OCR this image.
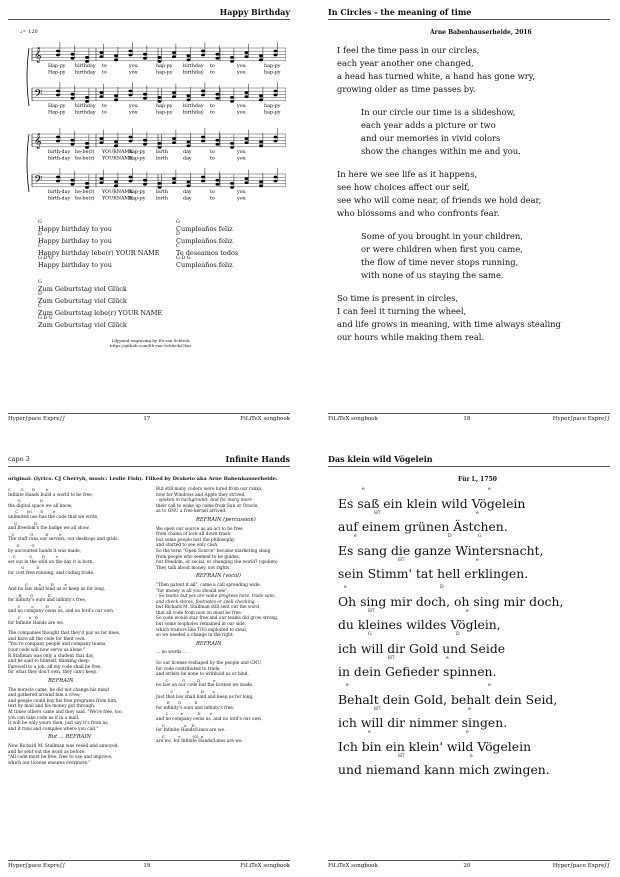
Happy Birthday
♩= 120
𝄞
Hap-py birthday to	you	hap-py birthday to	you	hap-py
Hap-py birthday to	you	hap-py birthday to	you	hap-py
𝄢
Hap-py birthday to	you	hap-py birthday to	you	hap-py
Hap-py birthday to	you	hap-py birthday to	you	hap-py
𝄞
birth-day he-be(r) YOURNAME
hap-py birth	day	to	you
birth-day he-be(r) YOURNAME
hap-py birth	day	to	you
𝄢
birth-day he-be(r) YOURNAME
hap-py birth	day	to	you
birth-day he-be(r) YOURNAME
hap-py birth	day	to	you
G
Happy birthday to you
D
Happy birthday to you
C
Happy birthday lebe(r) YOUR NAME
G D G
Happy birthday to you
G
Cumpleaños feliz
D
Cumpleaños feliz
C
Te deseamos todos
G D G
Cumpleaños feliz
G
Zum Geburtstag viel Glück
D
Zum Geburtstag viel Glück
C
Zum Geburtstag lebe(r) YOUR NAME
G D G
Zum Geburtstag viel Glück
Lilypond engraving by Eli van Schleck
https://github.com/Eli-van-Schleck/Chor
Hyper∫pace Expre∫∫	17	FiLiTeX songbook
In Circles - the meaning of time
Arne Babenhauserheide, 2016
I feel the time pass in our circles,
each year another one changed,
a head has turned white, a hand has gone wry,
growing older as time passes by.
In our circle our time is a slideshow,
each year adds a picture or two
and our memories in vivid colors
show the changes within me and you.
In here we see life as it happens,
see how choices affect our self,
see who will come near, of friends we hold dear,
who blossoms and who confronts fear.
Some of you brought in your children,
or were children when first you came,
the flow of time never stops running,
with none of us staying the same.
So time is present in circles,
I can feel it turning the wheel,
and life grows in meaning, with time always stealing
our hours while making them real.
FiLiTeX songbook	18	Hyper∫pace Expre∫∫
capo 3	Infinite Hands
original: (lyrics: CJ Cherryh, music: Leslie Fish). Filked by Draketo aka Arne Babenhauserheide.
C        G       D         e
Infinite Hands build a world to be free,
G                D
the digital space we all know,
C       (e)       D        e
unlimited use has the code that we write,
G              D
and freedom's the badge we all show.
C             G          D         e
The stuff runs our servers, our desktops and grids,
D          G
by uncounted hands it was made,
C           G        D         e
set out in the wild on the day it is born,
G          D
for cost free running, and coding trade.
C         e        D         e
And no law shall bind us or keep us for long,
E       G            D
for infinity's ours and infinity's free,
C         e          D        e
and no company owns us, and no lord's our own,
C       e   D
for Infinite Hands are we.
The companies thought that they'd pay us for lines,
and have all the code for their own.
"You're company people and company teams,
your code will now serve us alone."
R.Stallman was only a student that day,
and he said to himself, thinking deep:
Farewell to a job, all my code shall be free,
for what they don't own, they can't keep.
REFRAIN
The miracle came, he did not change his mind
and gathered around him a crew,
and people could buy his free programs from him,
text by mail and his money got through.
At times others came and they said, "We're free, too,
you can take code as if in a mall.
It will be only yours then, just say it's from us,
and it runs and compiles where you call."
But ... REFRAIN
Now Richard M. Stallman was vexed and annoyed,
and he sent out the word as before:
"All code must be free, free to use and improve,
which our license ensures evermore."
But still many coders were lured from our ranks,
now for Windows and Apple they strived,
- spoken in background: And for many more -
their call to wake up came from Sun or Oracle,
as to GNU a free kernel arrived.
REFRAIN (percussion)
We open our source as an act to be free
from chains of lock-all down trash
but some people lost the philosophy
and started to see only cash.
So the term "Open Source" became marketing slang
from people who seemed to be guides,
but freedom, or social, or changing the world? (spoken)
They talk about money, not rights.
REFRAIN (vocal)
"Then patent it all", came a call spreading wide,
"for money is all you should see",
- So teams but yes are wake progress here, trade sans,
and check stores, footnotes or spell checking. -
but Richard M. Stallman still sent out the word,
that all code from now on must be free.
So code would stay free and our teams did grow strong,
but some loopholes remained in our side,
which traitors like TiVo exploited to steal,
so we needed a change in the right.
REFRAIN
... no words ...
So our license reshaped by the people and GNU,
for code contributed to trade,
and orders be none to withhold as or bind,
C           G          D           e
no law on our code but the license we made.
C           e          D       e
Just that law shall bind and keep us for long,
E       G           D
for infinity's ours and infinity's free,
C          e            D        e
and no company owns us, and no lord's our own,
C                e    D
for Infinite Hands/Lines are we.
C           e          (G)  e
are we, for Infinite Hands/Lines are we.
Hyper∫pace Expre∫∫	19	FiLiTeX songbook
Das klein wild Vögelein
Für L, 1750
e	e
Es saß ein klein wild Vögelein
H7	e
auf einem grünen Ästchen.
e	D	G
Es sang die ganze Wintersnacht,
H7	e
sein Stimm' tat hell erklingen.
e	D
Oh sing mir doch, oh sing mir doch,
H7	e
du kleines wildes Vöglein,
G	D
ich will dir Gold und Seide
H7	e
in dein Gefieder spinnen.
e	e
Behalt dein Gold, behalt dein Seid,
H7	e
ich will dir nimmer singen.
e	e
Ich bin ein klein' wild Vögelein
H7	e
und niemand kann mich zwingen.
FiLiTeX songbook	20	Hyper∫pace Expre∫∫
